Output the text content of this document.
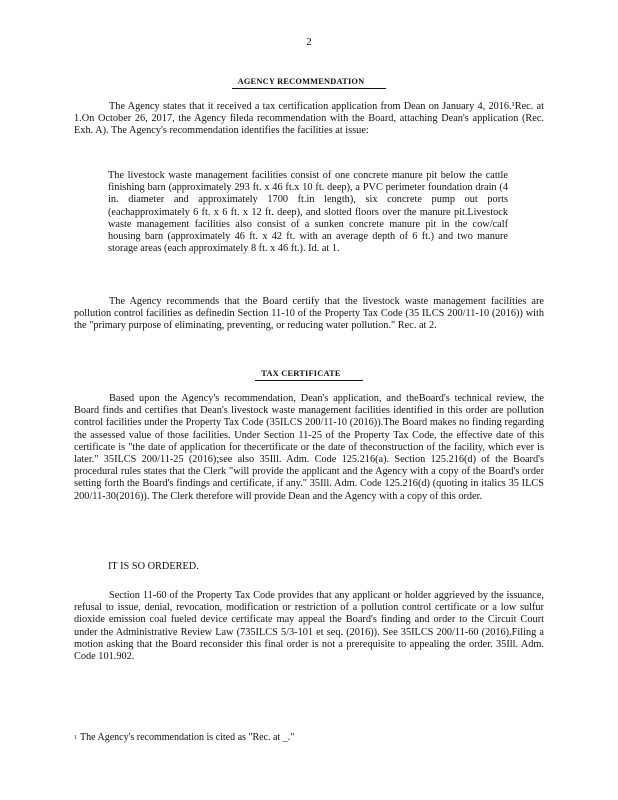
2
AGENCY RECOMMENDATION

The Agency states that it received a tax certification application from Dean on January 4, 2016.¹Rec. at 1.On October 26, 2017, the Agency fileda recommendation with the Board, attaching Dean's application (Rec. Exh. A). The Agency's recommendation identifies the facilities at issue:

The livestock waste management facilities consist of one concrete manure pit below the cattle finishing barn (approximately 293 ft. x 46 ft.x 10 ft. deep), a PVC perimeter foundation drain (4 in. diameter and approximately 1700 ft.in length), six concrete pump out ports (eachapproximately 6 ft. x 6 ft. x 12 ft. deep), and slotted floors over the manure pit.Livestock waste management facilities also consist of a sunken concrete manure pit in the cow/calf housing barn (approximately 46 ft. x 42 ft. with an average depth of 6 ft.) and two manure storage areas (each approximately 8 ft. x 46 ft.). Id. at 1.

The Agency recommends that the Board certify that the livestock waste management facilities are pollution control facilities as definedin Section 11-10 of the Property Tax Code (35 ILCS 200/11-10 (2016)) with the "primary purpose of eliminating, preventing, or reducing water pollution." Rec. at 2.

TAX CERTIFICATE

Based upon the Agency's recommendation, Dean's application, and theBoard's technical review, the Board finds and certifies that Dean's livestock waste management facilities identified in this order are pollution control facilities under the Property Tax Code (35ILCS 200/11-10 (2016)).The Board makes no finding regarding the assessed value of those facilities. Under Section 11-25 of the Property Tax Code, the effective date of this certificate is "the date of application for thecertificate or the date of theconstruction of the facility, which ever is later." 35ILCS 200/11-25 (2016);see also 35Ill. Adm. Code 125.216(a). Section 125.216(d) of the Board's procedural rules states that the Clerk "will provide the applicant and the Agency with a copy of the Board's order setting forth the Board's findings and certificate, if any." 35Ill. Adm. Code 125.216(d) (quoting in italics 35 ILCS 200/11-30(2016)). The Clerk therefore will provide Dean and the Agency with a copy of this order.

IT IS SO ORDERED.

Section 11-60 of the Property Tax Code provides that any applicant or holder aggrieved by the issuance, refusal to issue, denial, revocation, modification or restriction of a pollution control certificate or a low sulfur dioxide emission coal fueled device certificate may appeal the Board's finding and order to the Circuit Court under the Administrative Review Law (735ILCS 5/3-101 et seq. (2016)). See 35ILCS 200/11-60 (2016).Filing a motion asking that the Board reconsider this final order is not a prerequisite to appealing the order. 35Ill. Adm. Code 101.902.

$^1$ The Agency's recommendation is cited as "Rec. at _."
